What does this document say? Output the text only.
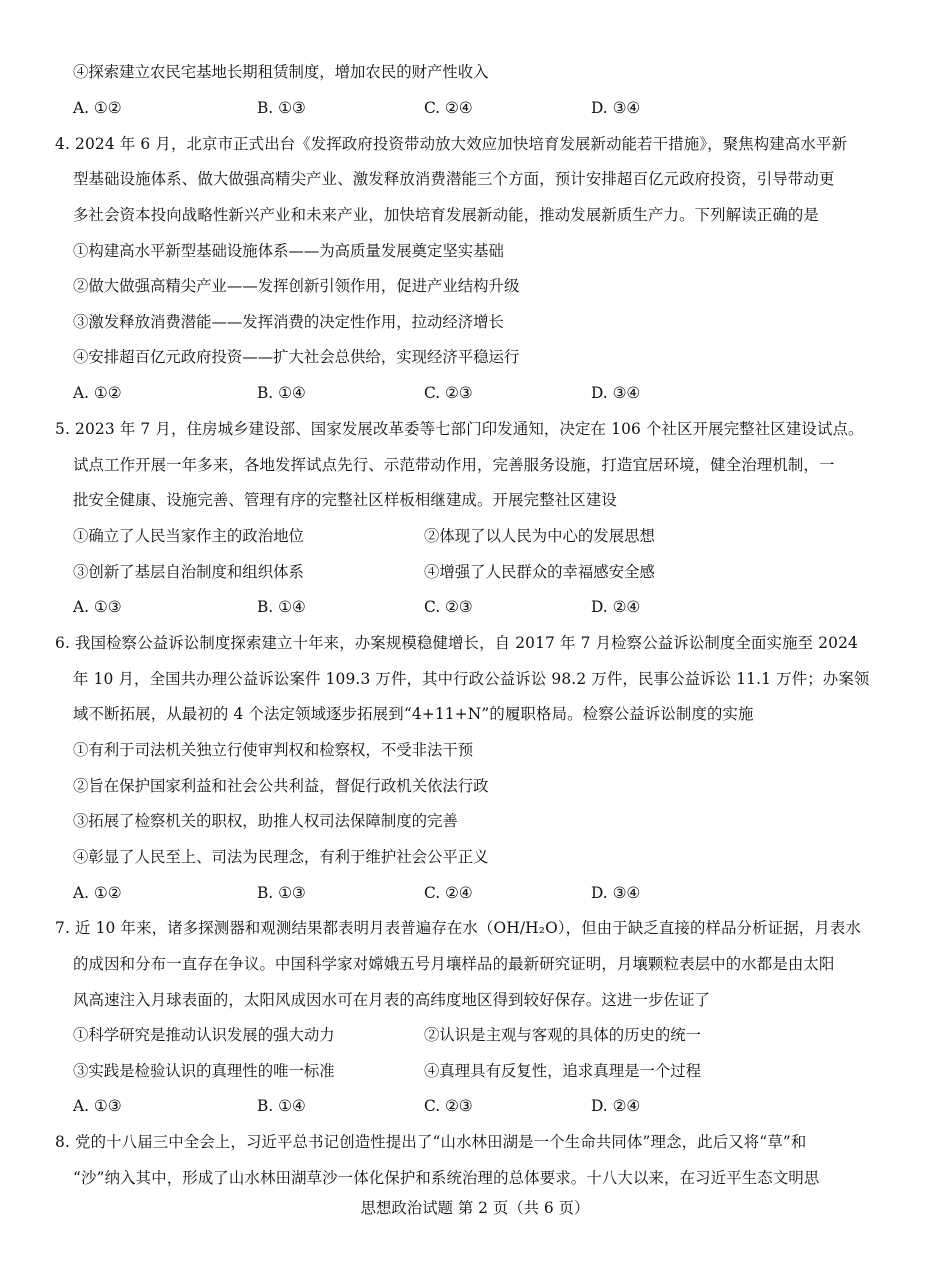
④探索建立农民宅基地长期租赁制度，增加农民的财产性收入
A. ①②	B. ①③	C. ②④	D. ③④
4. 2024 年 6 月，北京市正式出台《发挥政府投资带动放大效应加快培育发展新动能若干措施》，聚焦构建高水平新
型基础设施体系、做大做强高精尖产业、激发释放消费潜能三个方面，预计安排超百亿元政府投资，引导带动更
多社会资本投向战略性新兴产业和未来产业，加快培育发展新动能，推动发展新质生产力。下列解读正确的是
①构建高水平新型基础设施体系——为高质量发展奠定坚实基础
②做大做强高精尖产业——发挥创新引领作用，促进产业结构升级
③激发释放消费潜能——发挥消费的决定性作用，拉动经济增长
④安排超百亿元政府投资——扩大社会总供给，实现经济平稳运行
A. ①②	B. ①④	C. ②③	D. ③④
5. 2023 年 7 月，住房城乡建设部、国家发展改革委等七部门印发通知，决定在 106 个社区开展完整社区建设试点。
试点工作开展一年多来，各地发挥试点先行、示范带动作用，完善服务设施，打造宜居环境，健全治理机制，一
批安全健康、设施完善、管理有序的完整社区样板相继建成。开展完整社区建设
①确立了人民当家作主的政治地位	②体现了以人民为中心的发展思想
③创新了基层自治制度和组织体系	④增强了人民群众的幸福感安全感
A. ①③	B. ①④	C. ②③	D. ②④
6. 我国检察公益诉讼制度探索建立十年来，办案规模稳健增长，自 2017 年 7 月检察公益诉讼制度全面实施至 2024
年 10 月，全国共办理公益诉讼案件 109.3 万件，其中行政公益诉讼 98.2 万件，民事公益诉讼 11.1 万件；办案领
域不断拓展，从最初的 4 个法定领域逐步拓展到“4+11+N”的履职格局。检察公益诉讼制度的实施
①有利于司法机关独立行使审判权和检察权，不受非法干预
②旨在保护国家利益和社会公共利益，督促行政机关依法行政
③拓展了检察机关的职权，助推人权司法保障制度的完善
④彰显了人民至上、司法为民理念，有利于维护社会公平正义
A. ①②	B. ①③	C. ②④	D. ③④
7. 近 10 年来，诸多探测器和观测结果都表明月表普遍存在水（OH/H₂O），但由于缺乏直接的样品分析证据，月表水
的成因和分布一直存在争议。中国科学家对嫦娥五号月壤样品的最新研究证明，月壤颗粒表层中的水都是由太阳
风高速注入月球表面的，太阳风成因水可在月表的高纬度地区得到较好保存。这进一步佐证了
①科学研究是推动认识发展的强大动力	②认识是主观与客观的具体的历史的统一
③实践是检验认识的真理性的唯一标准	④真理具有反复性，追求真理是一个过程
A. ①③	B. ①④	C. ②③	D. ②④
8. 党的十八届三中全会上，习近平总书记创造性提出了“山水林田湖是一个生命共同体”理念，此后又将“草”和
“沙”纳入其中，形成了山水林田湖草沙一体化保护和系统治理的总体要求。十八大以来，在习近平生态文明思
思想政治试题 第 2 页（共 6 页）
